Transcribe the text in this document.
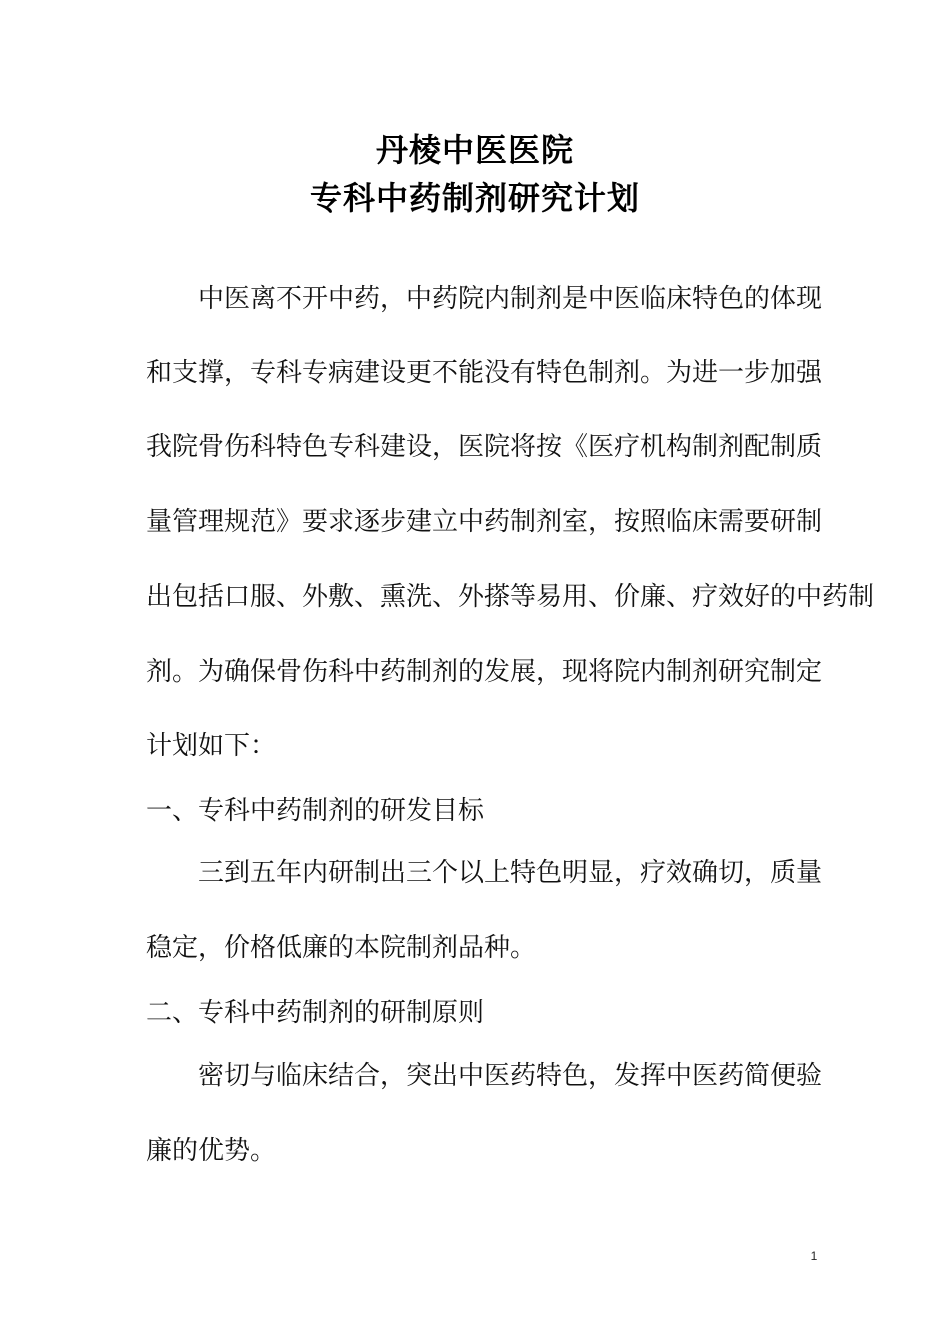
丹棱中医医院
专科中药制剂研究计划
中医离不开中药，中药院内制剂是中医临床特色的体现
和支撑，专科专病建设更不能没有特色制剂。为进一步加强
我院骨伤科特色专科建设，医院将按《医疗机构制剂配制质
量管理规范》要求逐步建立中药制剂室，按照临床需要研制
出包括口服、外敷、熏洗、外搽等易用、价廉、疗效好的中药制
剂。为确保骨伤科中药制剂的发展，现将院内制剂研究制定
计划如下：
一、专科中药制剂的研发目标
三到五年内研制出三个以上特色明显，疗效确切，质量
稳定，价格低廉的本院制剂品种。
二、专科中药制剂的研制原则
密切与临床结合，突出中医药特色，发挥中医药简便验
廉的优势。
1
